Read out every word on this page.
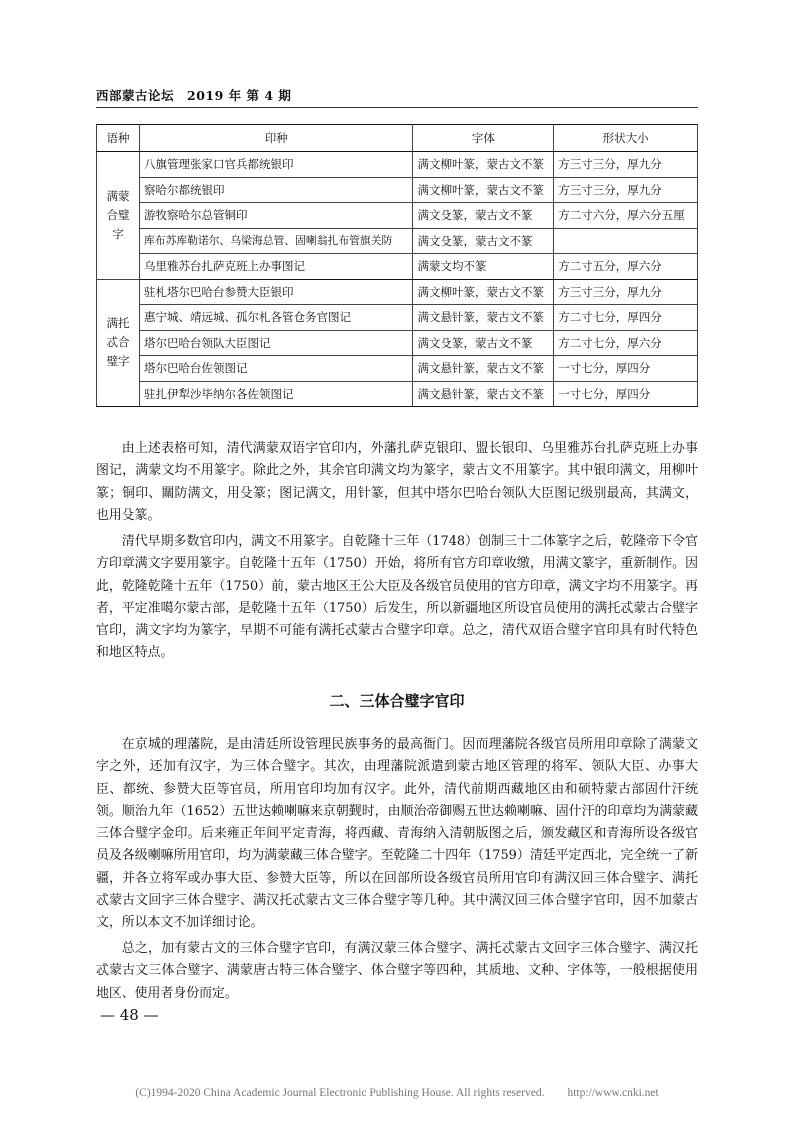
西部蒙古论坛　2019 年 第 4 期
语种	印种	字体	形状大小
满蒙合璧字	八旗管理张家口官兵都统银印	满文柳叶篆，蒙古文不篆	方三寸三分，厚九分
	察哈尔都统银印	满文柳叶篆，蒙古文不篆	方三寸三分，厚九分
	游牧察哈尔总管铜印	满文殳篆，蒙古文不篆	方二寸六分，厚六分五厘
	库布苏库勒诺尔、乌梁海总管、固喇翁扎布管旗关防	满文殳篆，蒙古文不篆	
	乌里雅苏台扎萨克班上办事图记	满蒙文均不篆	方二寸五分，厚六分
满托忒合璧字	驻札塔尔巴哈台参赞大臣银印	满文柳叶篆，蒙古文不篆	方三寸三分，厚九分
	惠宁城、靖远城、孤尔札各管仓务官图记	满文悬针篆，蒙古文不篆	方二寸七分，厚四分
	塔尔巴哈台领队大臣图记	满文殳篆，蒙古文不篆	方二寸七分，厚六分
	塔尔巴哈台佐领图记	满文悬针篆，蒙古文不篆	一寸七分，厚四分
	驻扎伊犁沙毕纳尔各佐领图记	满文悬针篆，蒙古文不篆	一寸七分，厚四分

由上述表格可知，清代满蒙双语字官印内，外藩扎萨克银印、盟长银印、乌里雅苏台扎萨克班上办事图记，满蒙文均不用篆字。除此之外，其余官印满文均为篆字，蒙古文不用篆字。其中银印满文，用柳叶篆；铜印、關防满文，用殳篆；图记满文，用针篆，但其中塔尔巴哈台领队大臣图记级别最高，其满文，也用殳篆。

清代早期多数官印内，满文不用篆字。自乾隆十三年（1748）创制三十二体篆字之后，乾隆帝下令官方印章满文字要用篆字。自乾隆十五年（1750）开始，将所有官方印章收缴，用满文篆字，重新制作。因此，乾隆乾隆十五年（1750）前，蒙古地区王公大臣及各级官员使用的官方印章，满文字均不用篆字。再者，平定准噶尔蒙古部，是乾隆十五年（1750）后发生，所以新疆地区所设官员使用的满托忒蒙古合璧字官印，满文字均为篆字，早期不可能有满托忒蒙古合璧字印章。总之，清代双语合璧字官印具有时代特色和地区特点。

二、三体合璧字官印

在京城的理藩院，是由清廷所设管理民族事务的最高衙门。因而理藩院各级官员所用印章除了满蒙文字之外，还加有汉字，为三体合璧字。其次，由理藩院派遣到蒙古地区管理的将军、领队大臣、办事大臣、都统、参赞大臣等官员，所用官印均加有汉字。此外，清代前期西藏地区由和硕特蒙古部固什汗统领。顺治九年（1652）五世达赖喇嘛来京朝觐时，由顺治帝御赐五世达赖喇嘛、固什汗的印章均为满蒙藏三体合璧字金印。后来雍正年间平定青海，将西藏、青海纳入清朝版图之后，颁发藏区和青海所设各级官员及各级喇嘛所用官印，均为满蒙藏三体合璧字。至乾隆二十四年（1759）清廷平定西北，完全统一了新疆，并各立将军或办事大臣、参赞大臣等，所以在回部所设各级官员所用官印有满汉回三体合璧字、满托忒蒙古文回字三体合璧字、满汉托忒蒙古文三体合璧字等几种。其中满汉回三体合璧字官印，因不加蒙古文，所以本文不加详细讨论。

总之，加有蒙古文的三体合璧字官印，有满汉蒙三体合璧字、满托忒蒙古文回字三体合璧字、满汉托忒蒙古文三体合璧字、满蒙唐古特三体合璧字、体合璧字等四种，其质地、文种、字体等，一般根据使用地区、使用者身份而定。

— 48 —
(C)1994-2020 China Academic Journal Electronic Publishing House. All rights reserved.　　http://www.cnki.net
